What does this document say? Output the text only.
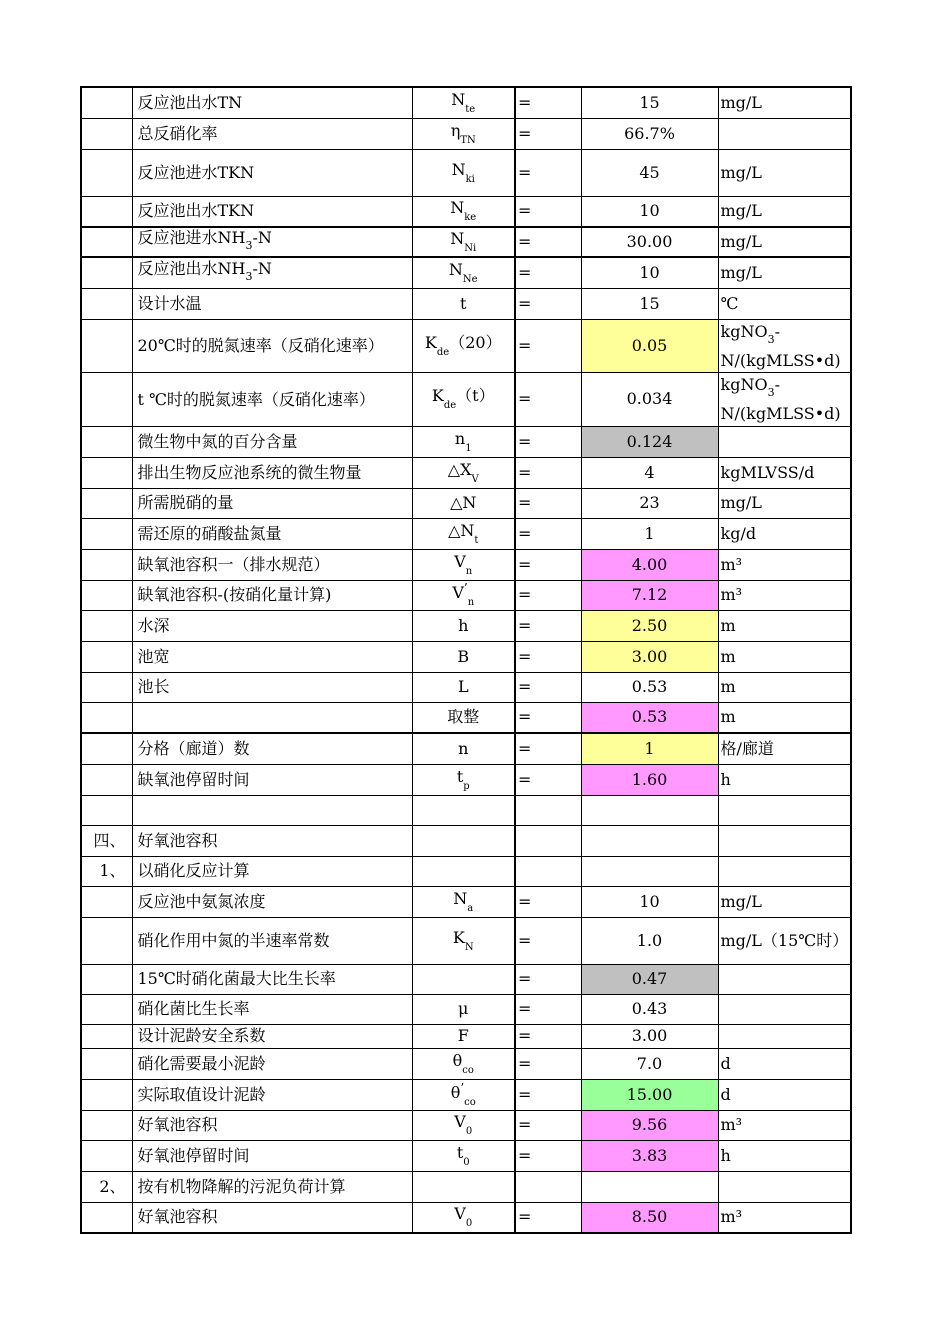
	反应池出水TN	$N_{te}$	=	15	mg/L
	总反硝化率	$\eta_{TN}$	=	66.7%	
	反应池进水TKN	$N_{ki}$	=	45	mg/L
	反应池出水TKN	$N_{ke}$	=	10	mg/L
	反应池进水$NH_3-N$	$N_{Ni}$	=	30.00	mg/L
	反应池出水$NH_3-N$	$N_{Ne}$	=	10	mg/L
	设计水温	t	=	15	℃
	20℃时的脱氮速率（反硝化速率）	$K_{de}(20)$	=	0.05	kgNO$_3$-N/(kgMLSS•d)
	t ℃时的脱氮速率（反硝化速率）	$K_{de}(t)$	=	0.034	kgNO$_3$-N/(kgMLSS•d)
	微生物中氮的百分含量	$n_1$	=	0.124	
	排出生物反应池系统的微生物量	$\triangle X_V$	=	4	kgMLVSS/d
	所需脱硝的量	△N	=	23	mg/L
	需还原的硝酸盐氮量	$\triangle N_t$	=	1	kg/d
	缺氧池容积一（排水规范）	$V_n$	=	4.00	m³
	缺氧池容积-(按硝化量计算)	$V^’_n$	=	7.12	m³
	水深	h	=	2.50	m
	池宽	B	=	3.00	m
	池长	L	=	0.53	m
		取整	=	0.53	m
	分格（廊道）数	n	=	1	格/廊道
	缺氧池停留时间	$t_p$	=	1.60	h

四、	好氧池容积				
1、	以硝化反应计算				
	反应池中氨氮浓度	$N_a$	=	10	mg/L
	硝化作用中氮的半速率常数	$K_N$	=	1.0	mg/L（15℃时）
	15℃时硝化菌最大比生长率		=	0.47	
	硝化菌比生长率	μ	=	0.43	
	设计泥龄安全系数	F	=	3.00	
	硝化需要最小泥龄	$\theta_{co}$	=	7.0	d
	实际取值设计泥龄	$\theta^’_{co}$	=	15.00	d
	好氧池容积	$V_0$	=	9.56	m³
	好氧池停留时间	$t_0$	=	3.83	h
2、	按有机物降解的污泥负荷计算				
	好氧池容积	$V_0$	=	8.50	m³
